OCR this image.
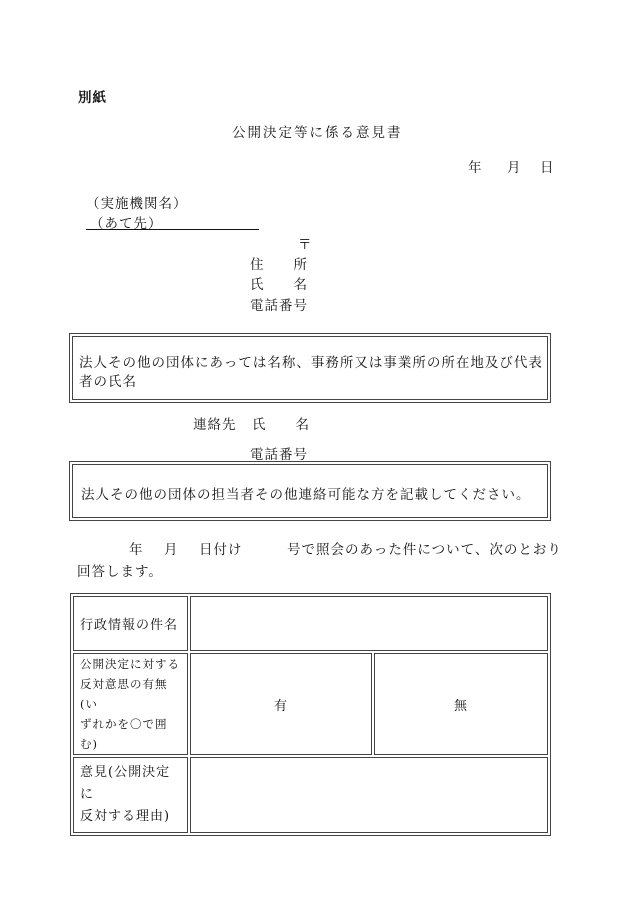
別紙
公開決定等に係る意見書
年 月 日
（実施機関名）
（あて先）
〒
住　　所
氏　　名
電話番号
法人その他の団体にあっては名称、事務所又は事業所の所在地及び代表
者の氏名
連絡先 氏　　名
電話番号
法人その他の団体の担当者その他連絡可能な方を記載してください。
年 月 日付け	号で照会のあった件について、次のとおり
回答します。
行政情報の件名		

公開決定に対する
反対意思の有無(い
ずれかを〇で囲む)	有	無

意見(公開決定に
反対する理由)		
